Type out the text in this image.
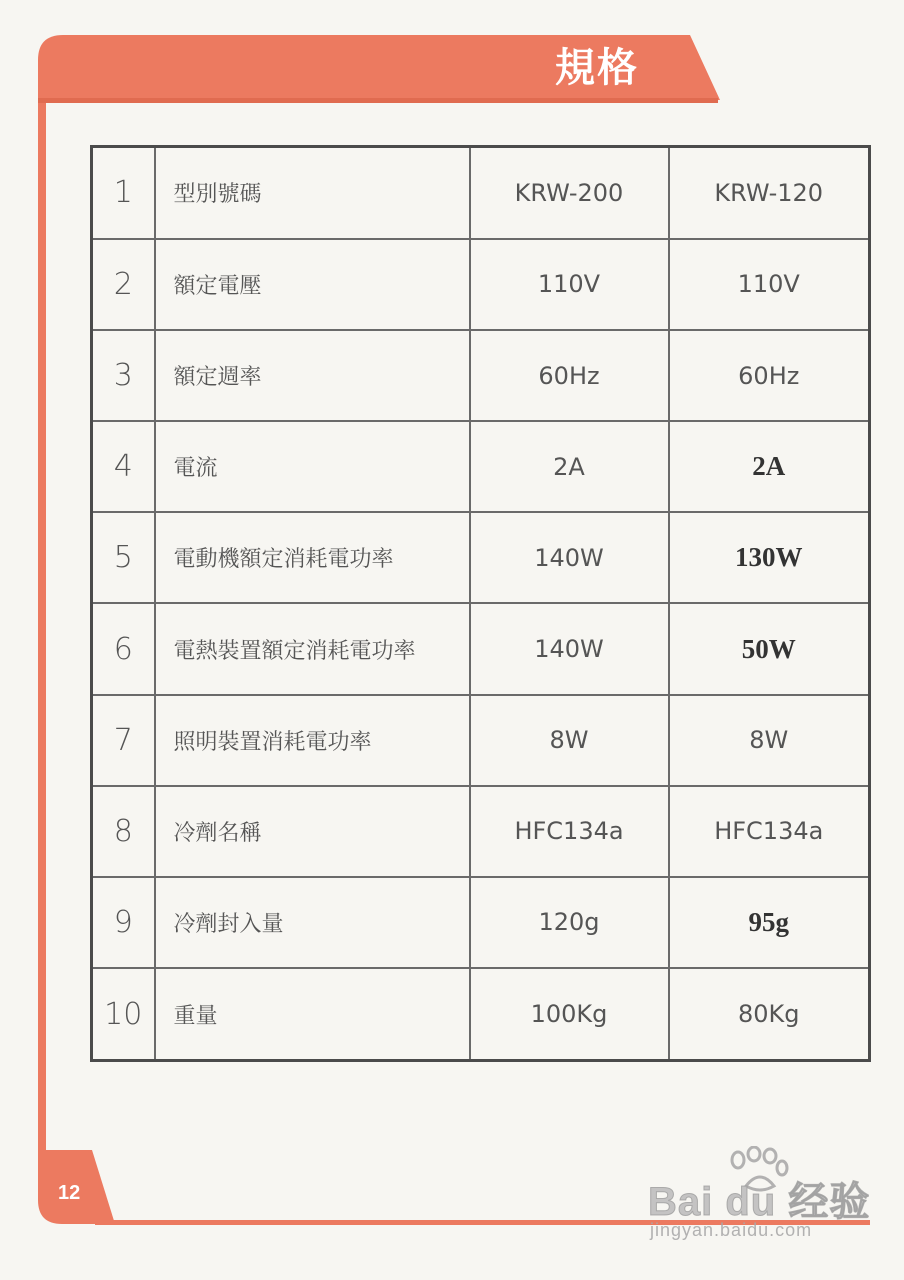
規格
12
1	型別號碼	KRW-200	KRW-120
2	額定電壓	110V	110V
3	額定週率	60Hz	60Hz
4	電流	2A	2A
5	電動機額定消耗電功率	140W	130W
6	電熱裝置額定消耗電功率	140W	50W
7	照明裝置消耗電功率	8W	8W
8	冷劑名稱	HFC134a	HFC134a
9	冷劑封入量	120g	95g
10	重量	100Kg	80Kg
Bai du 经验
jingyan.baidu.com
